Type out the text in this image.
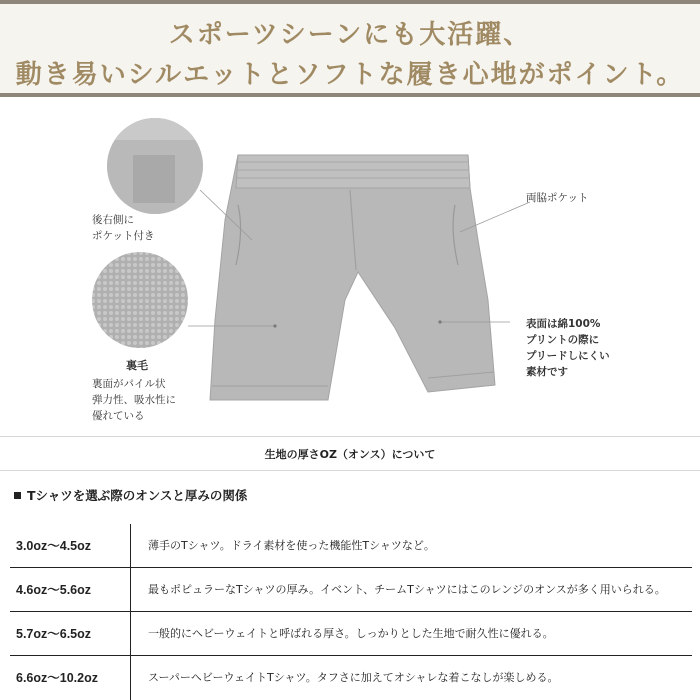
スポーツシーンにも大活躍、
動き易いシルエットとソフトな履き心地がポイント。
後右側に
ポケット付き
両脇ポケット
裏毛
裏面がパイル状
弾力性、吸水性に
優れている
表面は綿100%
プリントの際に
プリードしにくい
素材です
生地の厚さOZ（オンス）について
Tシャツを選ぶ際のオンスと厚みの関係
3.0oz〜4.5oz	薄手のTシャツ。ドライ素材を使った機能性Tシャツなど。
4.6oz〜5.6oz	最もポピュラーなTシャツの厚み。イベント、チームTシャツにはこのレンジのオンスが多く用いられる。
5.7oz〜6.5oz	一般的にヘビーウェイトと呼ばれる厚さ。しっかりとした生地で耐久性に優れる。
6.6oz〜10.2oz	スーパーヘビーウェイトTシャツ。タフさに加えてオシャレな着こなしが楽しめる。
